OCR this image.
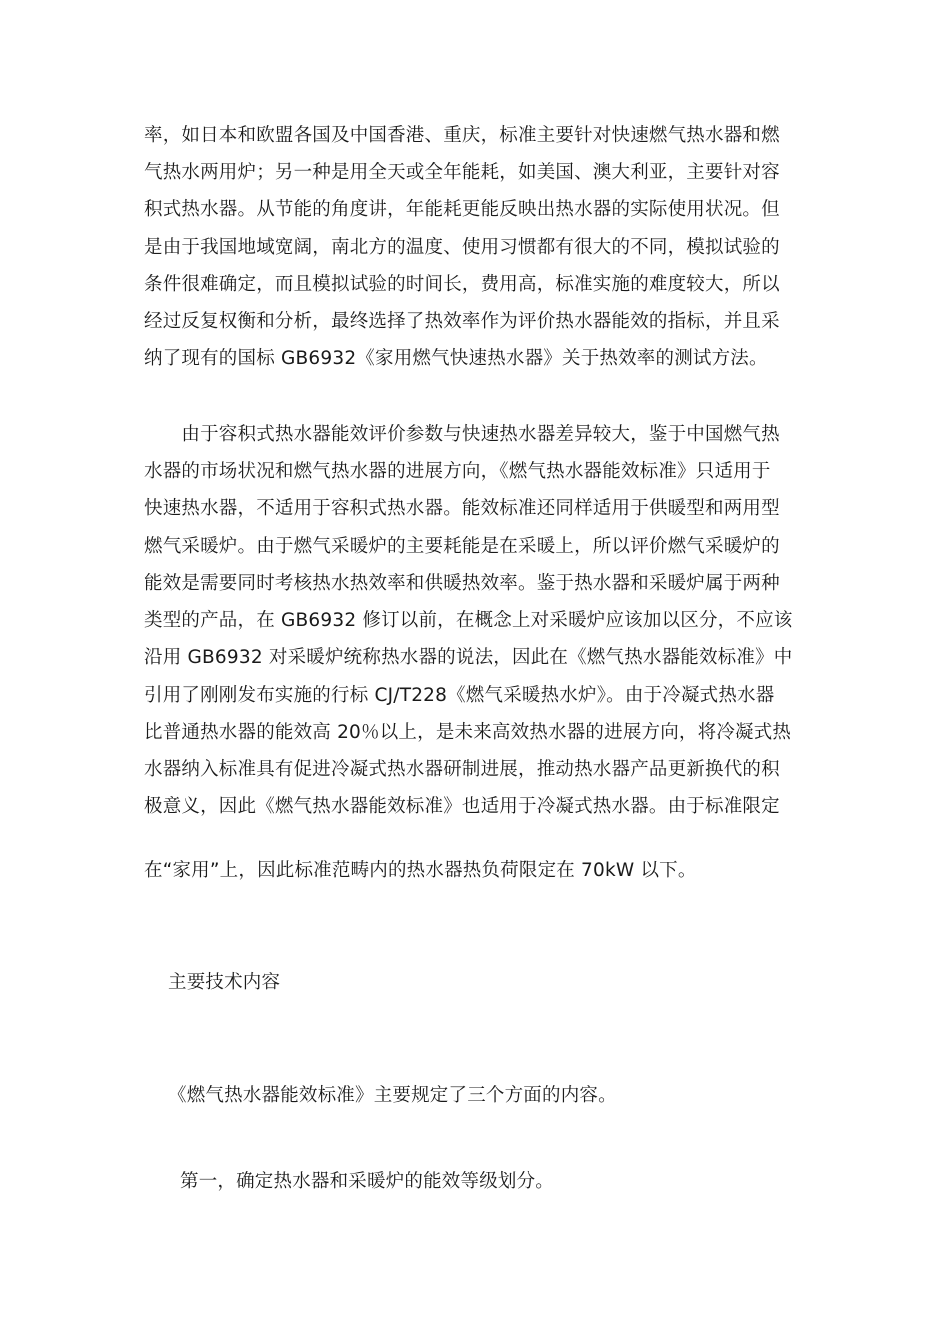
率，如日本和欧盟各国及中国香港、重庆，标准主要针对快速燃气热水器和燃
气热水两用炉；另一种是用全天或全年能耗，如美国、澳大利亚，主要针对容
积式热水器。从节能的角度讲，年能耗更能反映出热水器的实际使用状况。但
是由于我国地域宽阔，南北方的温度、使用习惯都有很大的不同，模拟试验的
条件很难确定，而且模拟试验的时间长，费用高，标准实施的难度较大，所以
经过反复权衡和分析，最终选择了热效率作为评价热水器能效的指标，并且采
纳了现有的国标 GB6932《家用燃气快速热水器》关于热效率的测试方法。
　　由于容积式热水器能效评价参数与快速热水器差异较大，鉴于中国燃气热
水器的市场状况和燃气热水器的进展方向，《燃气热水器能效标准》只适用于
快速热水器，不适用于容积式热水器。能效标准还同样适用于供暖型和两用型
燃气采暖炉。由于燃气采暖炉的主要耗能是在采暖上，所以评价燃气采暖炉的
能效是需要同时考核热水热效率和供暖热效率。鉴于热水器和采暖炉属于两种
类型的产品，在 GB6932 修订以前，在概念上对采暖炉应该加以区分，不应该
沿用 GB6932 对采暖炉统称热水器的说法，因此在《燃气热水器能效标准》中
引用了刚刚发布实施的行标 CJ/T228《燃气采暖热水炉》。由于冷凝式热水器
比普通热水器的能效高 20％以上，是未来高效热水器的进展方向，将冷凝式热
水器纳入标准具有促进冷凝式热水器研制进展，推动热水器产品更新换代的积
极意义，因此《燃气热水器能效标准》也适用于冷凝式热水器。由于标准限定
在“家用”上，因此标准范畴内的热水器热负荷限定在 70kW 以下。
主要技术内容
《燃气热水器能效标准》主要规定了三个方面的内容。
第一，确定热水器和采暖炉的能效等级划分。
